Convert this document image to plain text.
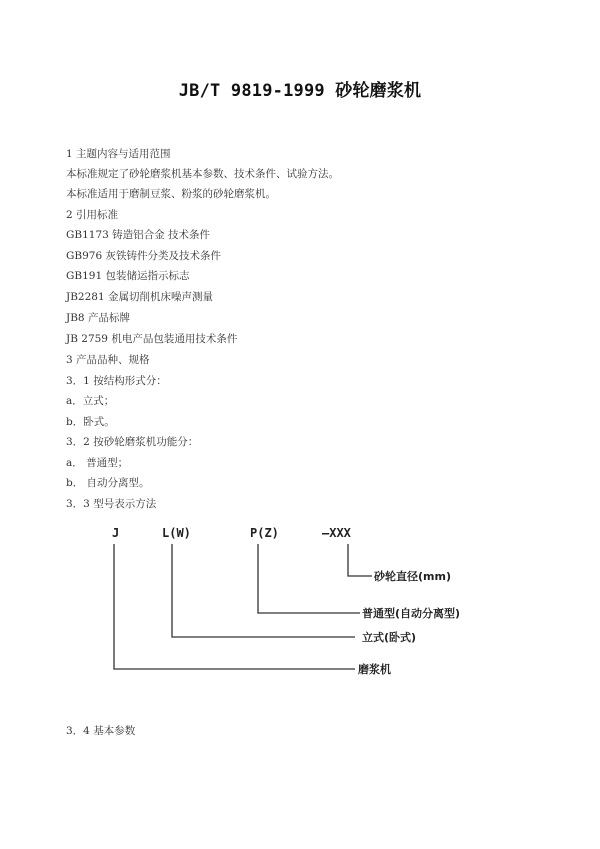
JB/T 9819-1999 砂轮磨浆机
1 主题内容与适用范围
本标准规定了砂轮磨浆机基本参数、技术条件、试验方法。
本标准适用于磨制豆浆、粉浆的砂轮磨浆机。
2 引用标准
GB1173 铸造铝合金 技术条件
GB976 灰铁铸件分类及技术条件
GB191 包装储运指示标志
JB2281 金属切削机床噪声测量
JB8 产品标牌
JB 2759 机电产品包装通用技术条件
3 产品品种、规格
3．1 按结构形式分：
a．立式；
b．卧式。
3．2 按砂轮磨浆机功能分：
a． 普通型；
b． 自动分离型。
3．3 型号表示方法
J	L(W)	P(Z)	—XXX
砂轮直径(mm)
普通型(自动分离型)
立式(卧式)
磨浆机
3．4 基本参数
